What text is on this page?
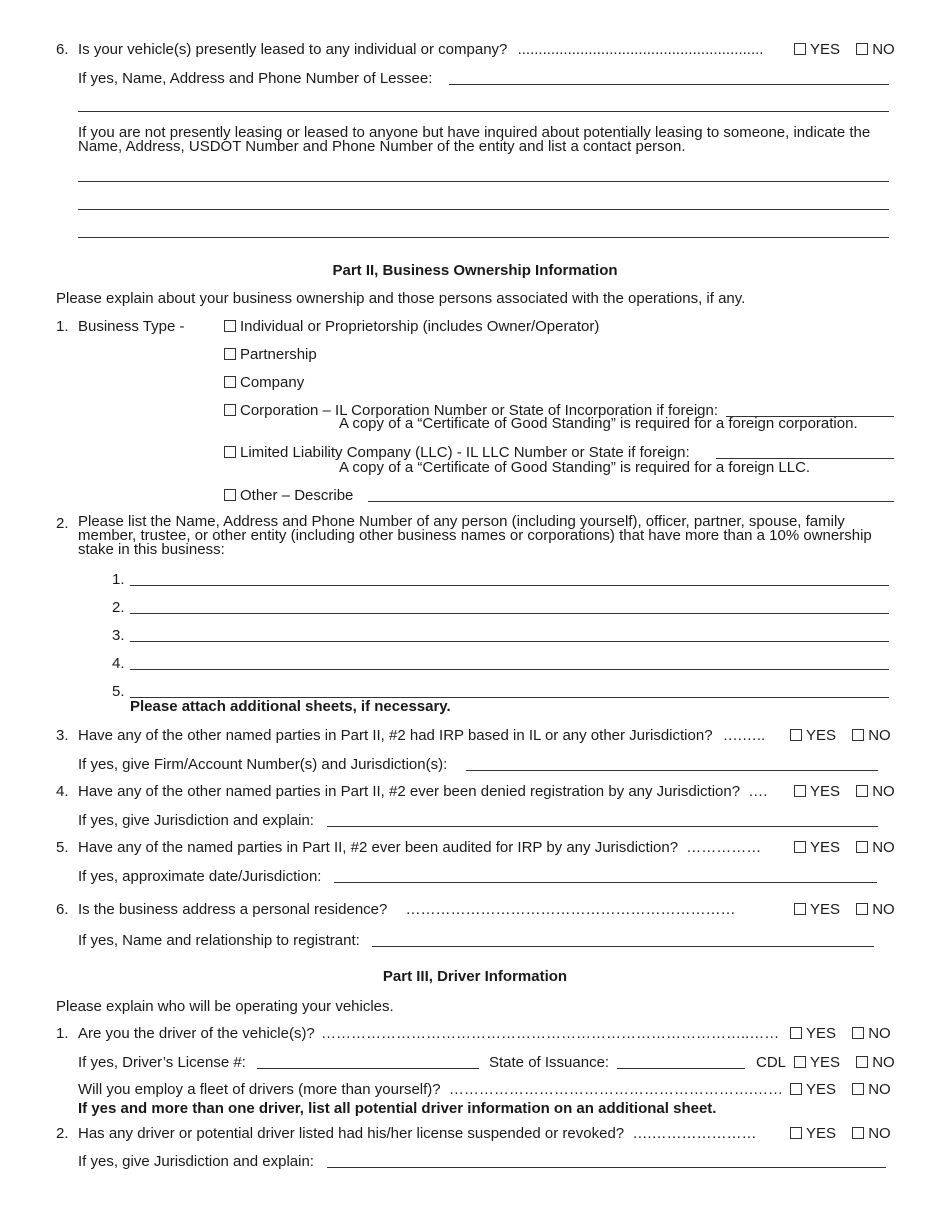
6. Is your vehicle(s) presently leased to any individual or company? ...........................................................	YES NO
If yes, Name, Address and Phone Number of Lessee:
If you are not presently leasing or leased to anyone but have inquired about potentially leasing to someone, indicate the Name, Address, USDOT Number and Phone Number of the entity and list a contact person.
Part II, Business Ownership Information
Please explain about your business ownership and those persons associated with the operations, if any.
1. Business Type -	Individual or Proprietorship (includes Owner/Operator)
Partnership
Company
Corporation – IL Corporation Number or State of Incorporation if foreign:
A copy of a “Certificate of Good Standing” is required for a foreign corporation.
Limited Liability Company (LLC) - IL LLC Number or State if foreign:
A copy of a “Certificate of Good Standing” is required for a foreign LLC.
Other – Describe
2. Please list the Name, Address and Phone Number of any person (including yourself), officer, partner, spouse, family member, trustee, or other entity (including other business names or corporations) that have more than a 10% ownership stake in this business:
1.
2.
3.
4.
5.
Please attach additional sheets, if necessary.
3. Have any of the other named parties in Part II, #2 had IRP based in IL or any other Jurisdiction? ….…..	YES NO
If yes, give Firm/Account Number(s) and Jurisdiction(s):
4. Have any of the other named parties in Part II, #2 ever been denied registration by any Jurisdiction? ….	YES NO
If yes, give Jurisdiction and explain:
5. Have any of the named parties in Part II, #2 ever been audited for IRP by any Jurisdiction? ……………	YES NO
If yes, approximate date/Jurisdiction:
6. Is the business address a personal residence? …………………………………………………………	YES NO
If yes, Name and relationship to registrant:
Part III, Driver Information
Please explain who will be operating your vehicles.
1. Are you the driver of the vehicle(s)? …………………………………………………………………………..……	YES NO
If yes, Driver’s License #:	State of Issuance:	CDL	YES NO
Will you employ a fleet of drivers (more than yourself)? …………………………………………………….……	YES NO
If yes and more than one driver, list all potential driver information on an additional sheet.
2. Has any driver or potential driver listed had his/her license suspended or revoked? ….…………………	YES NO
If yes, give Jurisdiction and explain:
